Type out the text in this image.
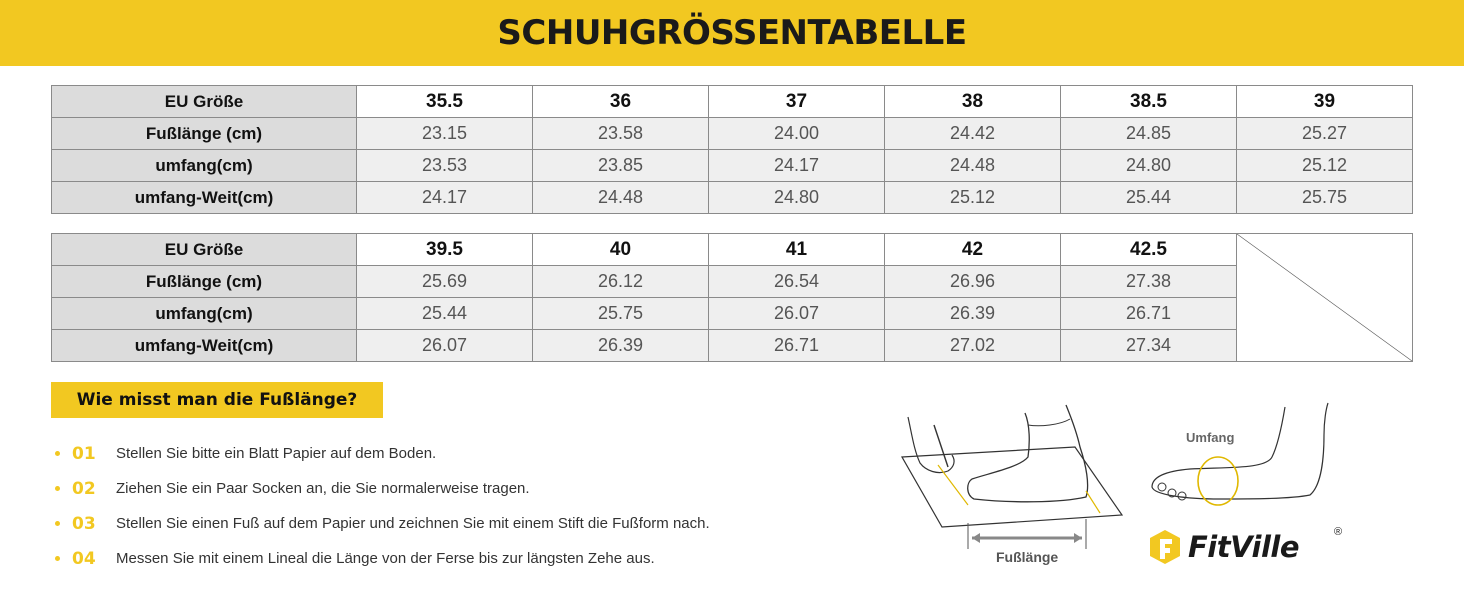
SCHUHGRÖSSENTABELLE
EU Größe	35.5	36	37	38	38.5	39
Fußlänge (cm)	23.15	23.58	24.00	24.42	24.85	25.27
umfang(cm)	23.53	23.85	24.17	24.48	24.80	25.12
umfang-Weit(cm)	24.17	24.48	24.80	25.12	25.44	25.75
EU Größe	39.5	40	41	42	42.5	

Fußlänge (cm)	25.69	26.12	26.54	26.96	27.38	
umfang(cm)	25.44	25.75	26.07	26.39	26.71	
umfang-Weit(cm)	26.07	26.39	26.71	27.02	27.34	
Wie misst man die Fußlänge?
01	Stellen Sie bitte ein Blatt Papier auf dem Boden.
02	Ziehen Sie ein Paar Socken an, die Sie normalerweise tragen.
03	Stellen Sie einen Fuß auf dem Papier und zeichnen Sie mit einem Stift die Fußform nach.
04	Messen Sie mit einem Lineal die Länge von der Ferse bis zur längsten Zehe aus.
Umfang
Fußlänge	FitVille	®
